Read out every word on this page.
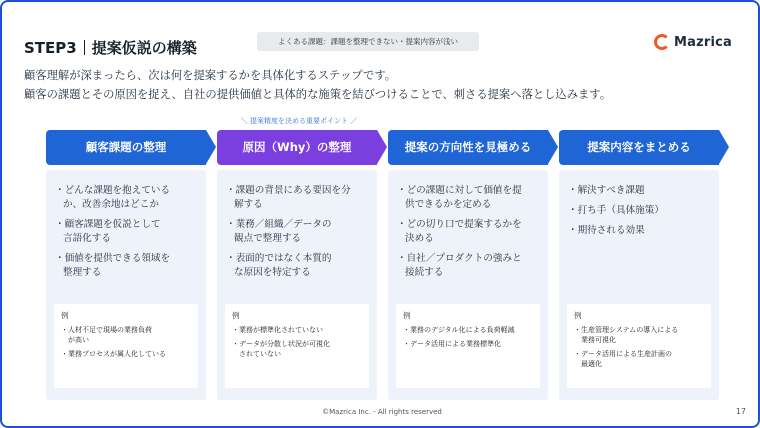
STEP3 提案仮説の構築	よくある課題：課題を整理できない・提案内容が浅い	Mazrica
顧客理解が深まったら、次は何を提案するかを具体化するステップです。
顧客の課題とその原因を捉え、自社の提供価値と具体的な施策を結びつけることで、刺さる提案へ落とし込みます。
＼ 提案精度を決める重要ポイント ／
顧客課題の整理
・どんな課題を抱えている
か、改善余地はどこか
・顧客課題を仮説として
言語化する
・価値を提供できる領域を
整理する
例
・人材不足で現場の業務負荷
が高い
・業務プロセスが属人化している
原因（Why）の整理
・課題の背景にある要因を分
解する
・業務／組織／データの
観点で整理する
・表面的ではなく本質的
な原因を特定する
例
・業務が標準化されていない
・データが分散し状況が可視化
されていない
提案の方向性を見極める
・どの課題に対して価値を提
供できるかを定める
・どの切り口で提案するかを
決める
・自社／プロダクトの強みと
接続する
例
・業務のデジタル化による負荷軽減
・データ活用による業務標準化
提案内容をまとめる
・解決すべき課題
・打ち手（具体施策）
・期待される効果
例
・生産管理システムの導入による
業務可視化
・データ活用による生産計画の
最適化
©Mazrica Inc. - All rights reserved	17
